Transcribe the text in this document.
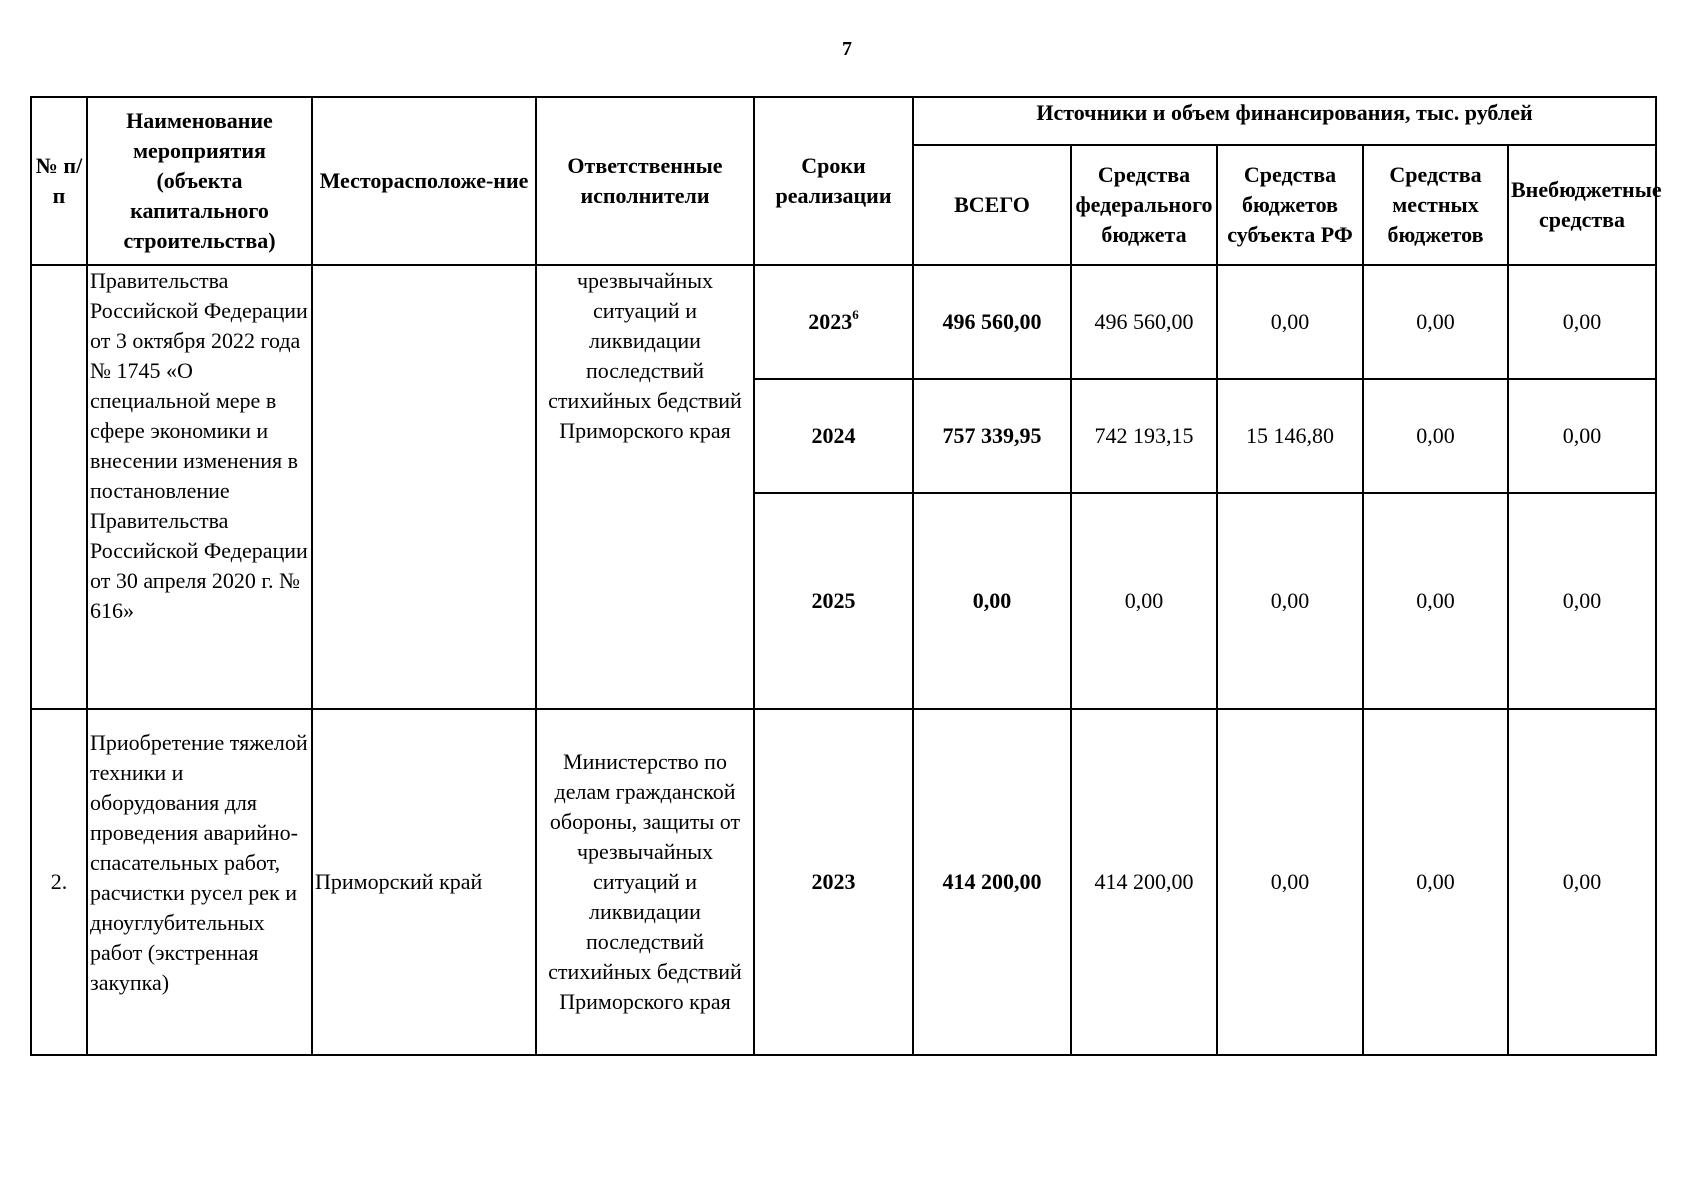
7
№ п/п	Наименование мероприятия (объекта капитального строительства)	Месторасположе-ние	Ответственные исполнители	Сроки реализации	Источники и объем финансирования, тыс. рублей				
					ВСЕГО	Средства федерального бюджета	Средства бюджетов субъекта РФ	Средства местных бюджетов	Внебюджетные средства
	Правительства Российской Федерации от 3 октября 2022 года № 1745 «О специальной мере в сфере экономики и внесении изменения в постановление Правительства Российской Федерации от 30 апреля 2020 г. № 616»		чрезвычайных ситуаций и ликвидации последствий стихийных бедствий Приморского края	2023$^6$	496 560,00	496 560,00	0,00	0,00	0,00
				2024	757 339,95	742 193,15	15 146,80	0,00	0,00
				2025	0,00	0,00	0,00	0,00	0,00
2.	Приобретение тяжелой техники и оборудования для проведения аварийно-спасательных работ, расчистки русел рек и дноуглубительных работ (экстренная закупка)	Приморский край	Министерство по делам гражданской обороны, защиты от чрезвычайных ситуаций и ликвидации последствий стихийных бедствий Приморского края	2023	414 200,00	414 200,00	0,00	0,00	0,00
